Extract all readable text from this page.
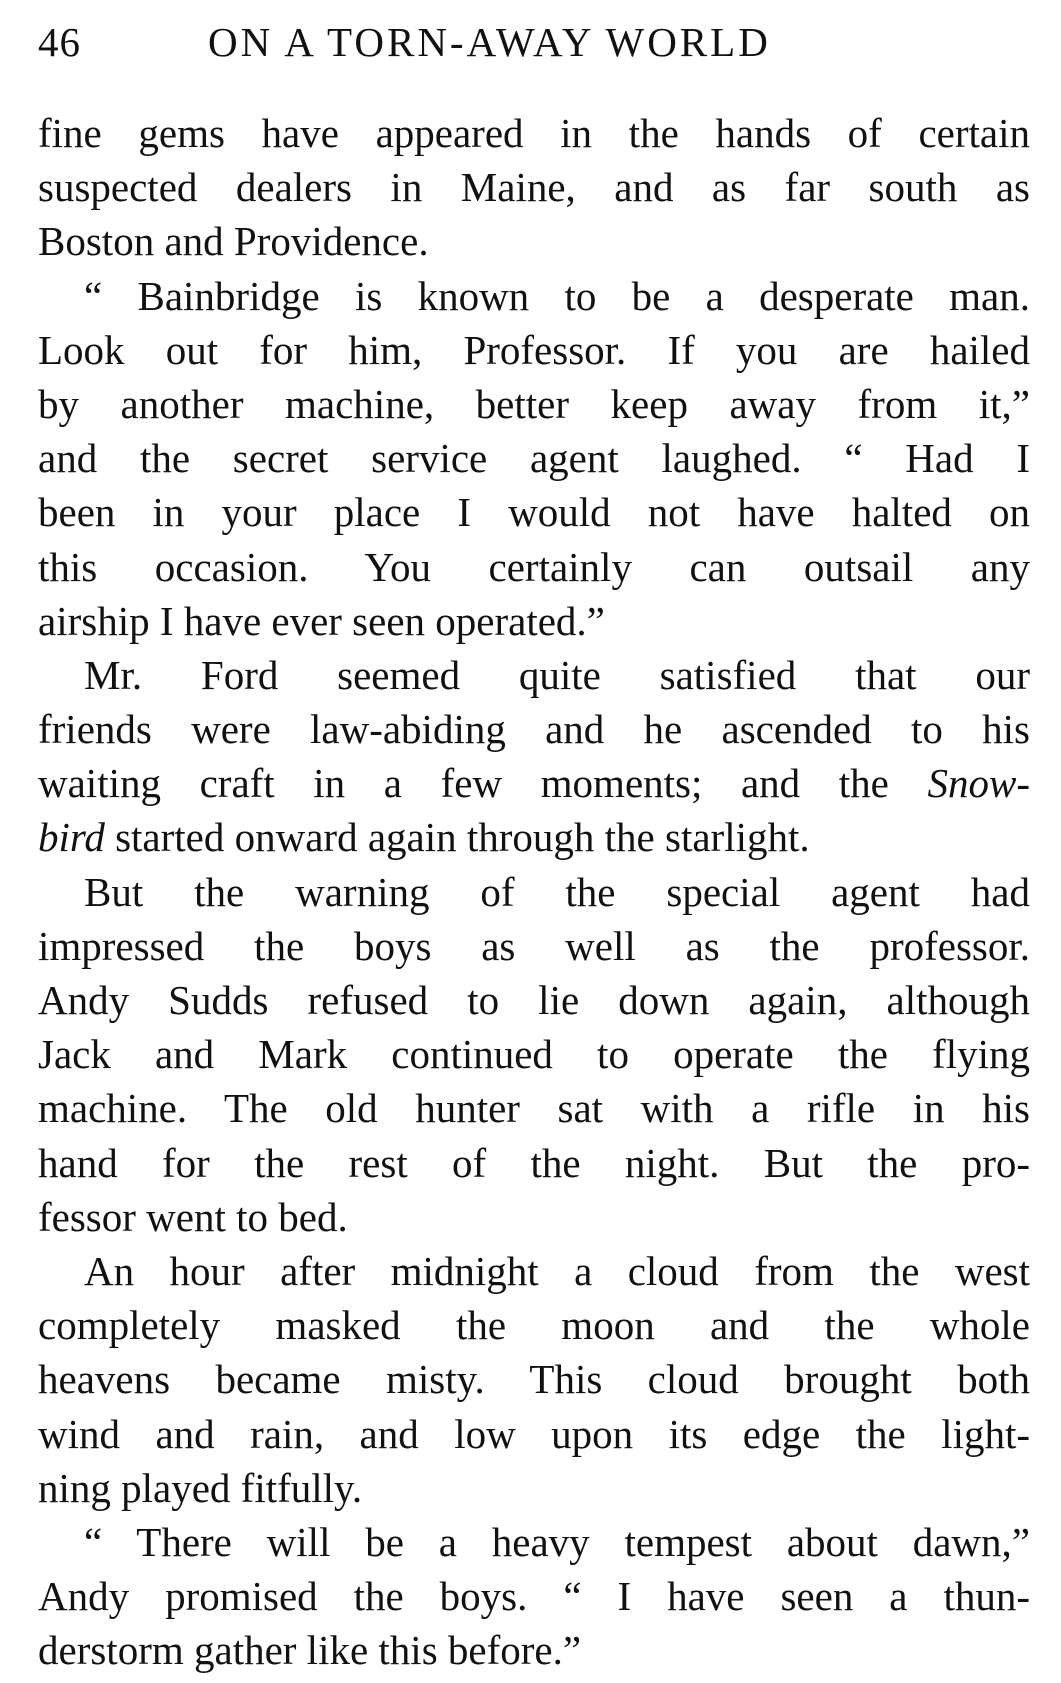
46	ON A TORN-AWAY WORLD
fine gems have appeared in the hands of certain
suspected dealers in Maine, and as far south as
Boston and Providence.
“ Bainbridge is known to be a desperate man.
Look out for him, Professor. If you are hailed
by another machine, better keep away from it,”
and the secret service agent laughed. “ Had I
been in your place I would not have halted on
this occasion. You certainly can outsail any
airship I have ever seen operated.”
Mr. Ford seemed quite satisfied that our
friends were law-abiding and he ascended to his
waiting craft in a few moments; and the Snow-
bird started onward again through the starlight.
But the warning of the special agent had
impressed the boys as well as the professor.
Andy Sudds refused to lie down again, although
Jack and Mark continued to operate the flying
machine. The old hunter sat with a rifle in his
hand for the rest of the night. But the pro-
fessor went to bed.
An hour after midnight a cloud from the west
completely masked the moon and the whole
heavens became misty. This cloud brought both
wind and rain, and low upon its edge the light-
ning played fitfully.
“ There will be a heavy tempest about dawn,”
Andy promised the boys. “ I have seen a thun-
derstorm gather like this before.”
